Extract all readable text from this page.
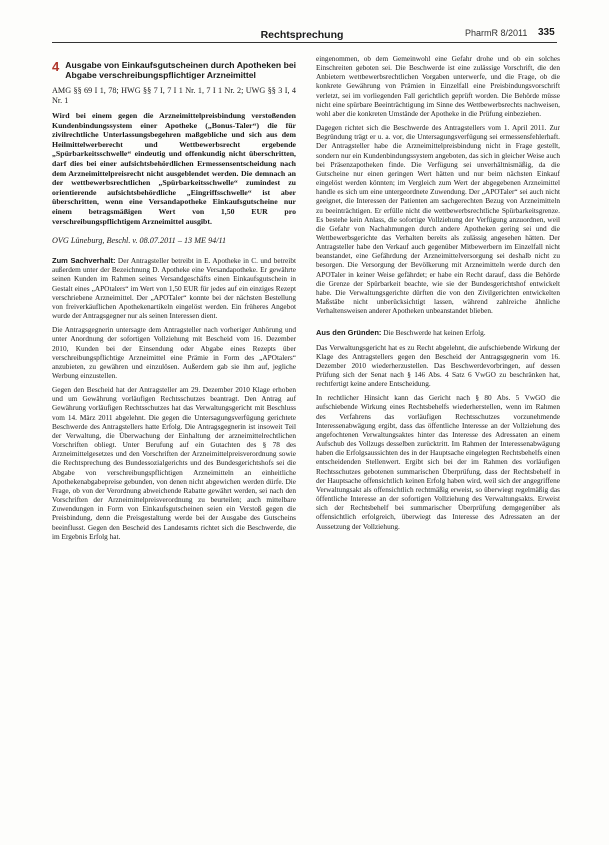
Rechtsprechung	PharmR 8/2011 335
4 Ausgabe von Einkaufsgutscheinen durch Apotheken bei Abgabe verschreibungspflichtiger Arzneimittel
AMG §§ 69 I 1, 78; HWG §§ 7 I, 7 I 1 Nr. 1, 7 I 1 Nr. 2; UWG §§ 3 I, 4 Nr. 1
Wird bei einem gegen die Arzneimittelpreisbindung verstoßenden Kundenbindungssystem einer Apotheke („Bonus-Taler“) die für zivilrechtliche Unterlassungsbegehren maßgebliche und sich aus dem Heilmittelwerberecht und Wettbewerbsrecht ergebende „Spürbarkeitsschwelle“ eindeutig und offenkundig nicht überschritten, darf dies bei einer aufsichtsbehördlichen Ermessensentscheidung nach dem Arzneimittelpreisrecht nicht ausgeblendet werden. Die demnach an der wettbewerbsrechtlichen „Spürbarkeitsschwelle“ zumindest zu orientierende aufsichtsbehördliche „Eingriffsschwelle“ ist aber überschritten, wenn eine Versandapotheke Einkaufsgutscheine nur einem betragsmäßigen Wert von 1,50 EUR pro verschreibungspflichtigem Arzneimittel ausgibt.
OVG Lüneburg, Beschl. v. 08.07.2011 – 13 ME 94/11

Zum Sachverhalt: Der Antragsteller betreibt in E. Apotheke in C. und betreibt außerdem unter der Bezeichnung D. Apotheke eine Versandapotheke. Er gewährte seinen Kunden im Rahmen seines Versandgeschäfts einen Einkaufsgutschein in Gestalt eines „APOtalers“ im Wert von 1,50 EUR für jedes auf ein einziges Rezept verschriebene Arzneimittel. Der „APOTaler“ konnte bei der nächsten Bestellung von freiverkäuflichen Apothekenartikeln eingelöst werden. Ein früheres Angebot wurde der Antragsgegner nur als seinen Interessen dient.

Die Antragsgegnerin untersagte dem Antragsteller nach vorheriger Anhörung und unter Anordnung der sofortigen Vollziehung mit Bescheid vom 16. Dezember 2010, Kunden bei der Einsendung oder Abgabe eines Rezepts über verschreibungspflichtige Arzneimittel eine Prämie in Form des „APOtalers“ anzubieten, zu gewähren und einzulösen. Außerdem gab sie ihm auf, jegliche Werbung einzustellen.

Gegen den Bescheid hat der Antragsteller am 29. Dezember 2010 Klage erhoben und um Gewährung vorläufigen Rechtsschutzes beantragt. Den Antrag auf Gewährung vorläufigen Rechtsschutzes hat das Verwaltungsgericht mit Beschluss vom 14. März 2011 abgelehnt. Die gegen die Untersagungsverfügung gerichtete Beschwerde des Antragstellers hatte Erfolg. Die Antragsgegnerin ist insoweit Teil der Verwaltung, die Überwachung der Einhaltung der arzneimittelrechtlichen Vorschriften obliegt. Unter Berufung auf ein Gutachten des § 78 des Arzneimittelgesetzes und den Vorschriften der Arzneimittelpreisverordnung sowie die Rechtsprechung des Bundessozialgerichts und des Bundesgerichtshofs sei die Abgabe von verschreibungspflichtigen Arzneimitteln an einheitliche Apothekenabgabepreise gebunden, von denen nicht abgewichen werden dürfe. Die Frage, ob von der Verordnung abweichende Rabatte gewährt werden, sei nach den Vorschriften der Arzneimittelpreisverordnung zu beurteilen; auch mittelbare Zuwendungen in Form von Einkaufsgutscheinen seien ein Verstoß gegen die Preisbindung, denn die Preisgestaltung werde bei der Ausgabe des Gutscheins beeinflusst. Gegen den Bescheid des Landesamts richtet sich die Beschwerde, die im Ergebnis Erfolg hat.

eingenommen, ob dem Gemeinwohl eine Gefahr drohe und ob ein solches Einschreiten geboten sei. Die Beschwerde ist eine zulässige Vorschrift, die den Anbietern wettbewerbsrechtlichen Vorgaben unterwerfe, und die Frage, ob die konkrete Gewährung von Prämien in Einzelfall eine Preisbindungsvorschrift verletzt, sei im vorliegenden Fall gerichtlich geprüft worden. Die Behörde müsse nicht eine spürbare Beeinträchtigung im Sinne des Wettbewerbsrechts nachweisen, wohl aber die konkreten Umstände der Apotheke in die Prüfung einbeziehen.

Dagegen richtet sich die Beschwerde des Antragstellers vom 1. April 2011. Zur Begründung trägt er u. a. vor, die Untersagungsverfügung sei ermessensfehlerhaft. Der Antragsteller habe die Arzneimittelpreisbindung nicht in Frage gestellt, sondern nur ein Kundenbindungssystem angeboten, das sich in gleicher Weise auch bei Präsenzapotheken finde. Die Verfügung sei unverhältnismäßig, da die Gutscheine nur einen geringen Wert hätten und nur beim nächsten Einkauf eingelöst werden könnten; im Vergleich zum Wert der abgegebenen Arzneimittel handle es sich um eine untergeordnete Zuwendung. Der „APOTaler“ sei auch nicht geeignet, die Interessen der Patienten am sachgerechten Bezug von Arzneimitteln zu beeinträchtigen. Er erfülle nicht die wettbewerbsrechtliche Spürbarkeitsgrenze. Es bestehe kein Anlass, die sofortige Vollziehung der Verfügung anzuordnen, weil die Gefahr von Nachahmungen durch andere Apotheken gering sei und die Wettbewerbsgerichte das Verhalten bereits als zulässig angesehen hätten. Der Antragsteller habe den Verkauf auch gegenüber Mitbewerbern im Einzelfall nicht beanstandet, eine Gefährdung der Arzneimittelversorgung sei deshalb nicht zu besorgen. Die Versorgung der Bevölkerung mit Arzneimitteln werde durch den APOTaler in keiner Weise gefährdet; er habe ein Recht darauf, dass die Behörde die Grenze der Spürbarkeit beachte, wie sie der Bundesgerichtshof entwickelt habe. Die Verwaltungsgerichte dürften die von den Zivilgerichten entwickelten Maßstäbe nicht unberücksichtigt lassen, während zahlreiche ähnliche Verhaltensweisen anderer Apotheken unbeanstandet blieben.

Aus den Gründen: Die Beschwerde hat keinen Erfolg.

Das Verwaltungsgericht hat es zu Recht abgelehnt, die aufschiebende Wirkung der Klage des Antragstellers gegen den Bescheid der Antragsgegnerin vom 16. Dezember 2010 wiederherzustellen. Das Beschwerdevorbringen, auf dessen Prüfung sich der Senat nach § 146 Abs. 4 Satz 6 VwGO zu beschränken hat, rechtfertigt keine andere Entscheidung.

In rechtlicher Hinsicht kann das Gericht nach § 80 Abs. 5 VwGO die aufschiebende Wirkung eines Rechtsbehelfs wiederherstellen, wenn im Rahmen des Verfahrens das vorläufigen Rechtsschutzes vorzunehmende Interessenabwägung ergibt, dass das öffentliche Interesse an der Vollziehung des angefochtenen Verwaltungsaktes hinter das Interesse des Adressaten an einem Aufschub des Vollzugs desselben zurücktritt. Im Rahmen der Interessenabwägung haben die Erfolgsaussichten des in der Hauptsache eingelegten Rechtsbehelfs einen entscheidenden Stellenwert. Ergibt sich bei der im Rahmen des vorläufigen Rechtsschutzes gebotenen summarischen Überprüfung, dass der Rechtsbehelf in der Hauptsache offensichtlich keinen Erfolg haben wird, weil sich der angegriffene Verwaltungsakt als offensichtlich rechtmäßig erweist, so überwiegt regelmäßig das öffentliche Interesse an der sofortigen Vollziehung des Verwaltungsakts. Erweist sich der Rechtsbehelf bei summarischer Überprüfung demgegenüber als offensichtlich erfolgreich, überwiegt das Interesse des Adressaten an der Aussetzung der Vollziehung.
